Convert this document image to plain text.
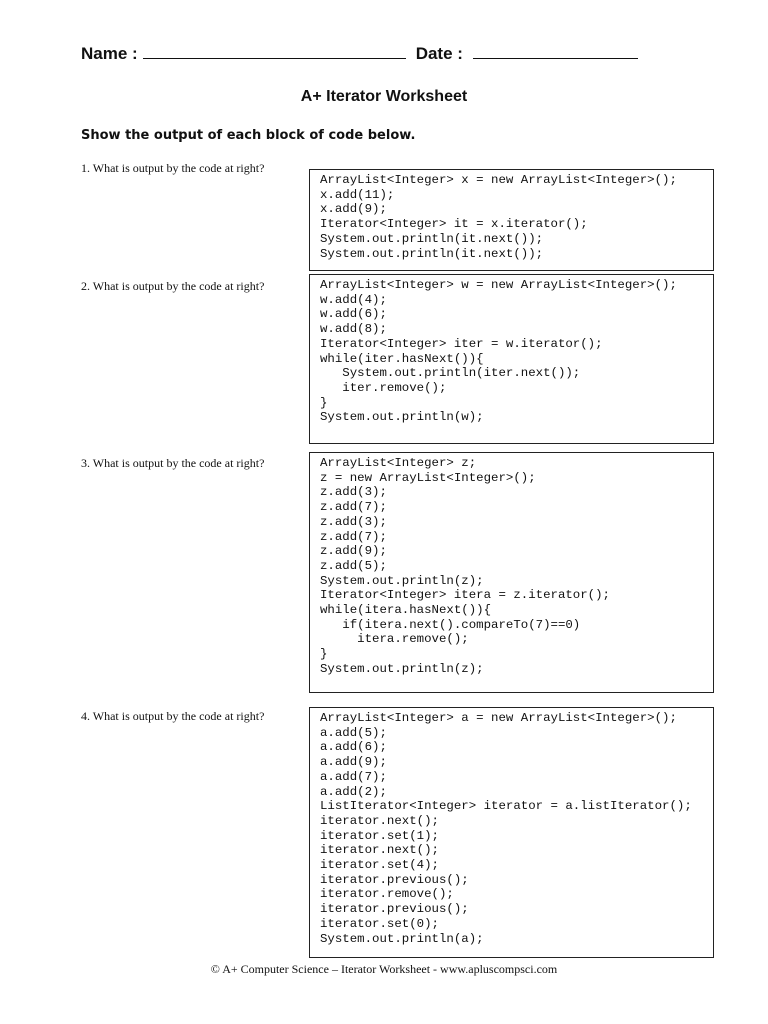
Name :	Date :
A+ Iterator Worksheet
Show the output of each block of code below.
1. What is output by the code at right?
ArrayList<Integer> x = new ArrayList<Integer>();
x.add(11);
x.add(9);
Iterator<Integer> it = x.iterator();
System.out.println(it.next());
System.out.println(it.next());
2. What is output by the code at right?	ArrayList<Integer> w = new ArrayList<Integer>();
w.add(4);
w.add(6);
w.add(8);
Iterator<Integer> iter = w.iterator();
while(iter.hasNext()){
System.out.println(iter.next());
iter.remove();
}
System.out.println(w);
3. What is output by the code at right?	ArrayList<Integer> z;
z = new ArrayList<Integer>();
z.add(3);
z.add(7);
z.add(3);
z.add(7);
z.add(9);
z.add(5);
System.out.println(z);
Iterator<Integer> itera = z.iterator();
while(itera.hasNext()){
if(itera.next().compareTo(7)==0)
itera.remove();
}
System.out.println(z);
4. What is output by the code at right?	ArrayList<Integer> a = new ArrayList<Integer>();
a.add(5);
a.add(6);
a.add(9);
a.add(7);
a.add(2);
ListIterator<Integer> iterator = a.listIterator();
iterator.next();
iterator.set(1);
iterator.next();
iterator.set(4);
iterator.previous();
iterator.remove();
iterator.previous();
iterator.set(0);
System.out.println(a);
© A+ Computer Science – Iterator Worksheet - www.apluscompsci.com
